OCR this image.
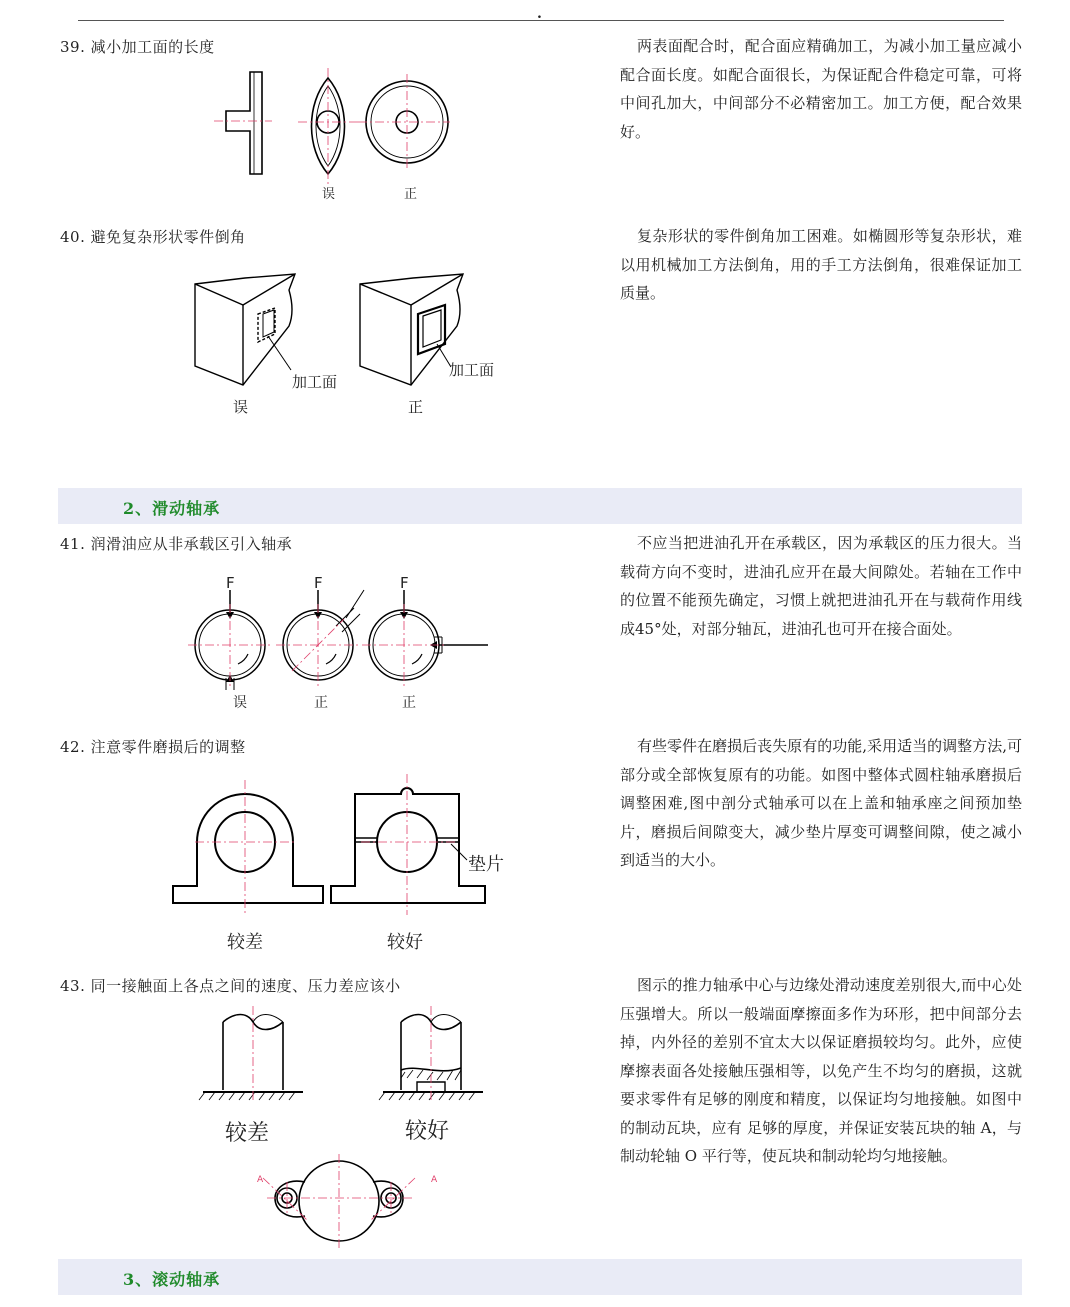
.
39. 减小加工面的长度	两表面配合时，配合面应精确加工，为减小加工量应减小配合面长度。如配合面很长，为保证配合件稳定可靠，可将中间孔加大，中间部分不必精密加工。加工方便，配合效果好。

误	正
40. 避免复杂形状零件倒角	复杂形状的零件倒角加工困难。如椭圆形等复杂形状，难以用机械加工方法倒角，用的手工方法倒角，很难保证加工质量。

加工面
加工面
误	正
2、滑动轴承
41. 润滑油应从非承载区引入轴承	不应当把进油孔开在承载区，因为承载区的压力很大。当载荷方向不变时，进油孔应开在最大间隙处。若轴在工作中的位置不能预先确定，习惯上就把进油孔开在与载荷作用线成45°处，对部分轴瓦，进油孔也可开在接合面处。

F	F	F
误	正	正
42. 注意零件磨损后的调整	有些零件在磨损后丧失原有的功能,采用适当的调整方法,可部分或全部恢复原有的功能。如图中整体式圆柱轴承磨损后调整困难,图中剖分式轴承可以在上盖和轴承座之间预加垫片，磨损后间隙变大，减少垫片厚变可调整间隙，使之减小到适当的大小。

垫片
较差	较好
43. 同一接触面上各点之间的速度、压力差应该小	图示的推力轴承中心与边缘处滑动速度差别很大,而中心处压强增大。所以一般端面摩擦面多作为环形，把中间部分去掉，内外径的差别不宜太大以保证磨损较均匀。此外，应使摩擦表面各处接触压强相等，以免产生不均匀的磨损，这就要求零件有足够的刚度和精度，以保证均匀地接触。如图中的制动瓦块，应有 足够的厚度，并保证安装瓦块的轴 A，与制动轮轴 O 平行等，使瓦块和制动轮均匀地接触。

较差	较好
A	A
3、滚动轴承
